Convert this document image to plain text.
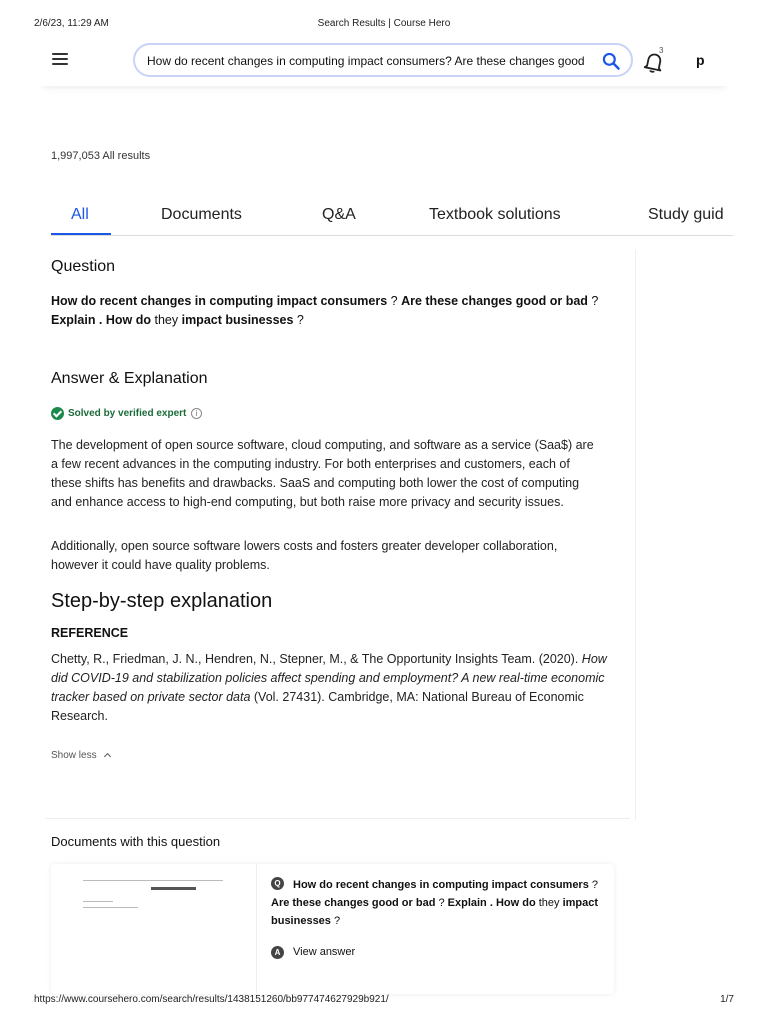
2/6/23, 11:29 AM	Search Results | Course Hero
How do recent changes in computing impact consumers? Are these changes good or bad? Explain. How do they impact businesses?
3
p
1,997,053 All results
All	Documents	Q&A	Textbook solutions	Study guid
Question
How do recent changes in computing impact consumers ? Are these changes good or bad ? Explain . How do they impact businesses ?
Answer & Explanation
Solved by verified expert	i

The development of open source software, cloud computing, and software as a service (Saa$) are a few recent advances in the computing industry. For both enterprises and customers, each of these shifts has benefits and drawbacks. SaaS and computing both lower the cost of computing and enhance access to high-end computing, but both raise more privacy and security issues.

Additionally, open source software lowers costs and fosters greater developer collaboration, however it could have quality problems.

Step-by-step explanation
REFERENCE

Chetty, R., Friedman, J. N., Hendren, N., Stepner, M., & The Opportunity Insights Team. (2020). How did COVID-19 and stabilization policies affect spending and employment? A new real-time economic tracker based on private sector data (Vol. 27431). Cambridge, MA: National Bureau of Economic Research.

Show less
Documents with this question
Q	How do recent changes in computing impact consumers ? Are these changes good or bad ? Explain . How do they impact businesses ?

A	View answer
https://www.coursehero.com/search/results/1438151260/bb977474627929b921/	1/7
